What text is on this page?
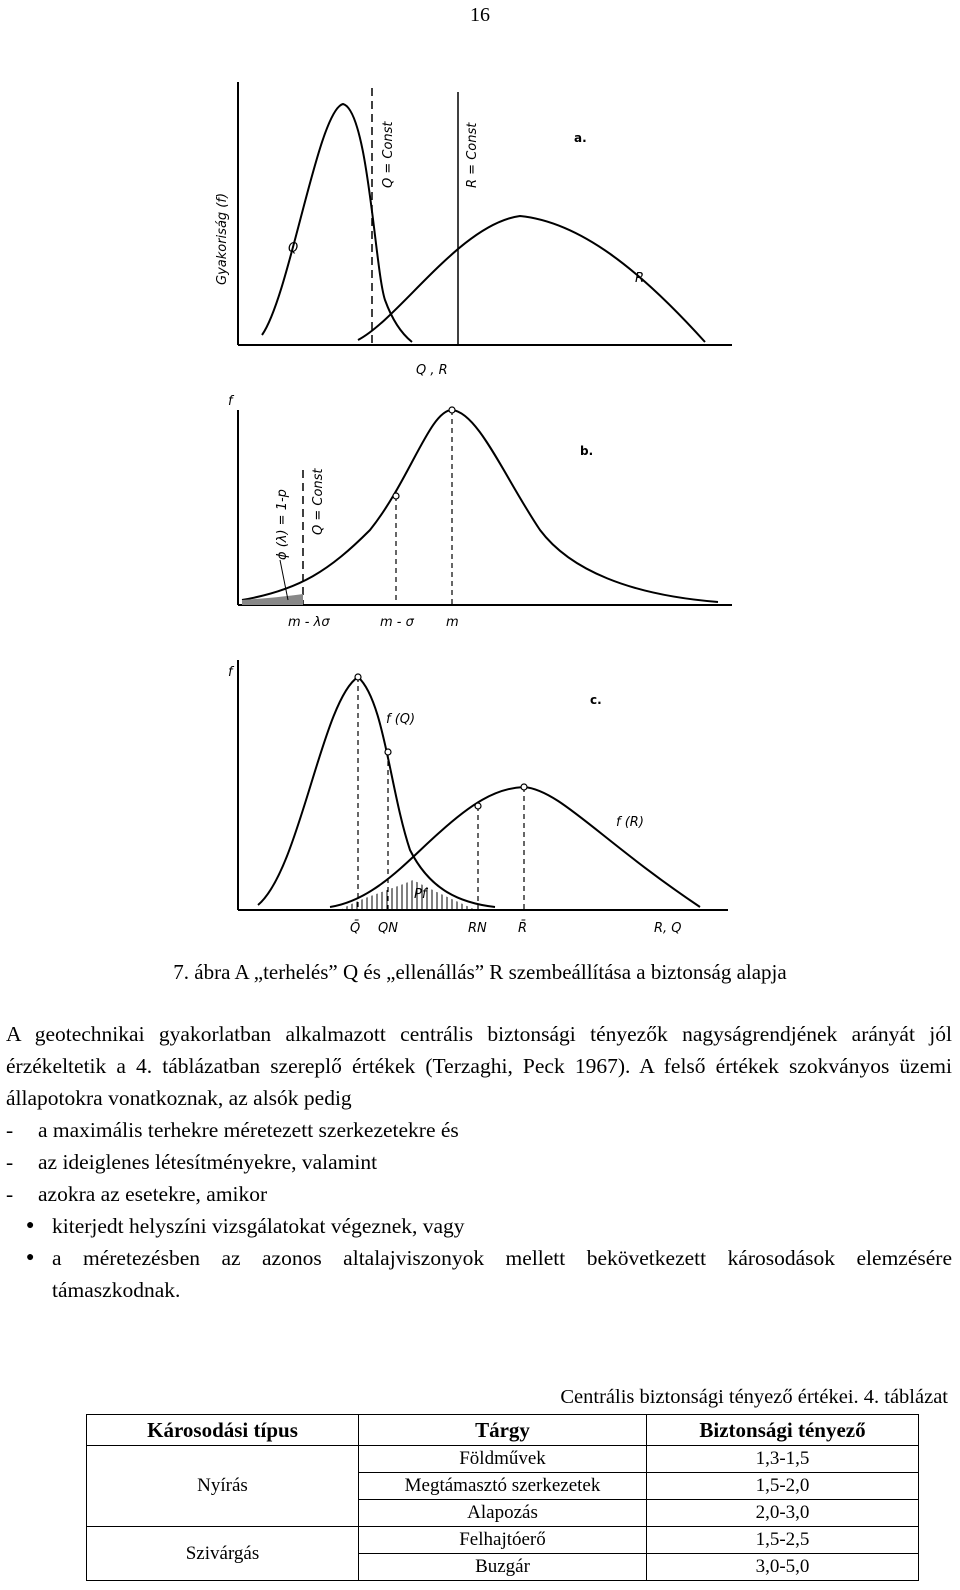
16
Gyakoriság (f)	Q
R
Q = Const	R = Const	a.
Q , R
f
ϕ (λ) = 1-p Q = Const
b.
m - λσ	m - σ m
f
c.
f (Q)
f (R)
Pf
Q̄ QN	RN R̄	R, Q
7. ábra A „terhelés” Q és „ellenállás” R szembeállítása a biztonság alapja

A geotechnikai gyakorlatban alkalmazott centrális biztonsági tényezők nagyságrendjének arányát jól érzékeltetik a 4. táblázatban szereplő értékek (Terzaghi, Peck 1967). A felső értékek szokványos üzemi állapotokra vonatkoznak, az alsók pedig

-	a maximális terhekre méretezett szerkezetekre és
-	az ideiglenes létesítményekre, valamint
-	azokra az esetekre, amikor
● kiterjedt helyszíni vizsgálatokat végeznek, vagy
● a méretezésben az azonos altalajviszonyok mellett bekövetkezett károsodások elemzésére támaszkodnak.
Centrális biztonsági tényező értékei. 4. táblázat
Károsodási típus	Tárgy	Biztonsági tényező
Nyírás	Földművek	1,3-1,5
	Megtámasztó szerkezetek	1,5-2,0
	Alapozás	2,0-3,0
Szivárgás	Felhajtóerő	1,5-2,5
	Buzgár	3,0-5,0
